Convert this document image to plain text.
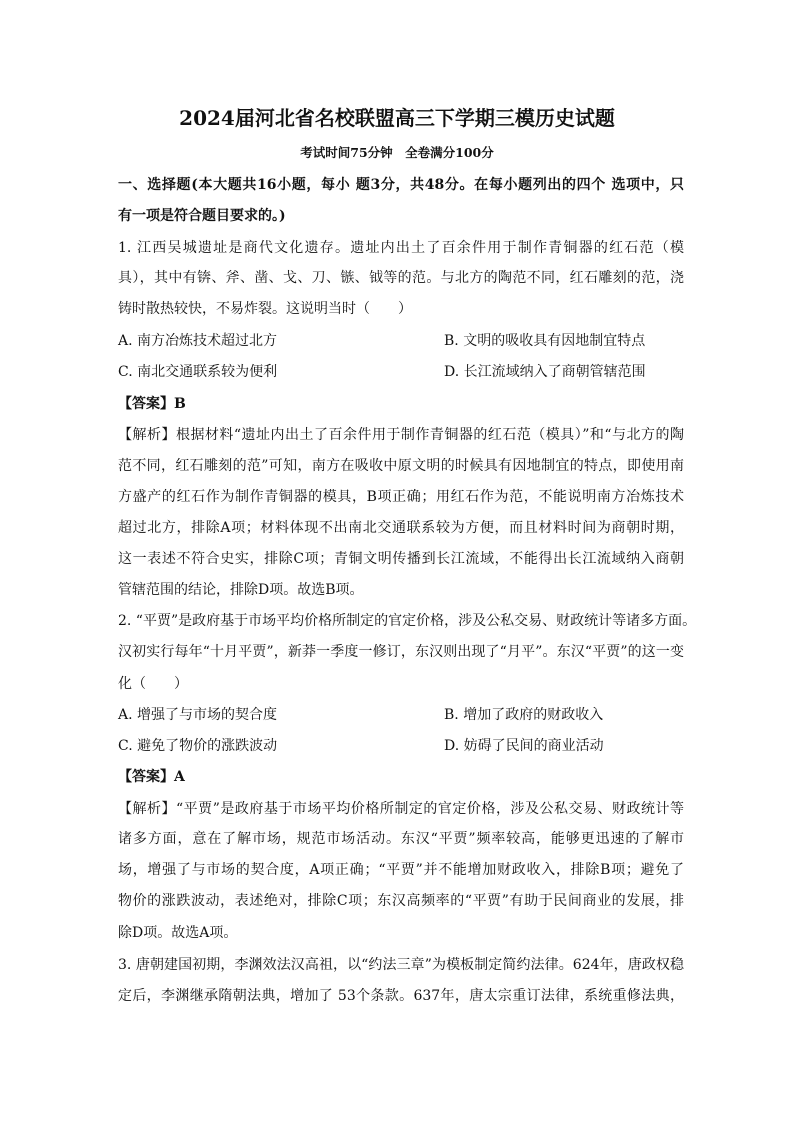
2024届河北省名校联盟高三下学期三模历史试题
考试时间75分钟　全卷满分100分
一、选择题(本大题共16小题，每小 题3分，共48分。在每小题列出的四个 选项中，只
有一项是符合题目要求的。)
1. 江西吴城遗址是商代文化遗存。遗址内出土了百余件用于制作青铜器的红石范（模
具），其中有锛、斧、凿、戈、刀、镞、钺等的范。与北方的陶范不同，红石雕刻的范，浇
铸时散热较快，不易炸裂。这说明当时（　　）
A. 南方冶炼技术超过北方	B. 文明的吸收具有因地制宜特点
C. 南北交通联系较为便利	D. 长江流域纳入了商朝管辖范围
【答案】B
【解析】根据材料“遗址内出土了百余件用于制作青铜器的红石范（模具）”和“与北方的陶
范不同，红石雕刻的范”可知，南方在吸收中原文明的时候具有因地制宜的特点，即使用南
方盛产的红石作为制作青铜器的模具，B项正确；用红石作为范，不能说明南方冶炼技术
超过北方，排除A项；材料体现不出南北交通联系较为方便，而且材料时间为商朝时期，
这一表述不符合史实，排除C项；青铜文明传播到长江流域，不能得出长江流域纳入商朝
管辖范围的结论，排除D项。故选B项。
2. “平贾”是政府基于市场平均价格所制定的官定价格，涉及公私交易、财政统计等诸多方面。
汉初实行每年“十月平贾”，新莽一季度一修订，东汉则出现了“月平”。东汉“平贾”的这一变
化（　　）
A. 增强了与市场的契合度	B. 增加了政府的财政收入
C. 避免了物价的涨跌波动	D. 妨碍了民间的商业活动
【答案】A
【解析】“平贾”是政府基于市场平均价格所制定的官定价格，涉及公私交易、财政统计等
诸多方面，意在了解市场，规范市场活动。东汉“平贾”频率较高，能够更迅速的了解市
场，增强了与市场的契合度，A项正确；“平贾”并不能增加财政收入，排除B项；避免了
物价的涨跌波动，表述绝对，排除C项；东汉高频率的“平贾”有助于民间商业的发展，排
除D项。故选A项。
3. 唐朝建国初期，李渊效法汉高祖，以“约法三章”为模板制定简约法律。624年，唐政权稳
定后，李渊继承隋朝法典，增加了 53个条款。637年，唐太宗重订法律，系统重修法典，
